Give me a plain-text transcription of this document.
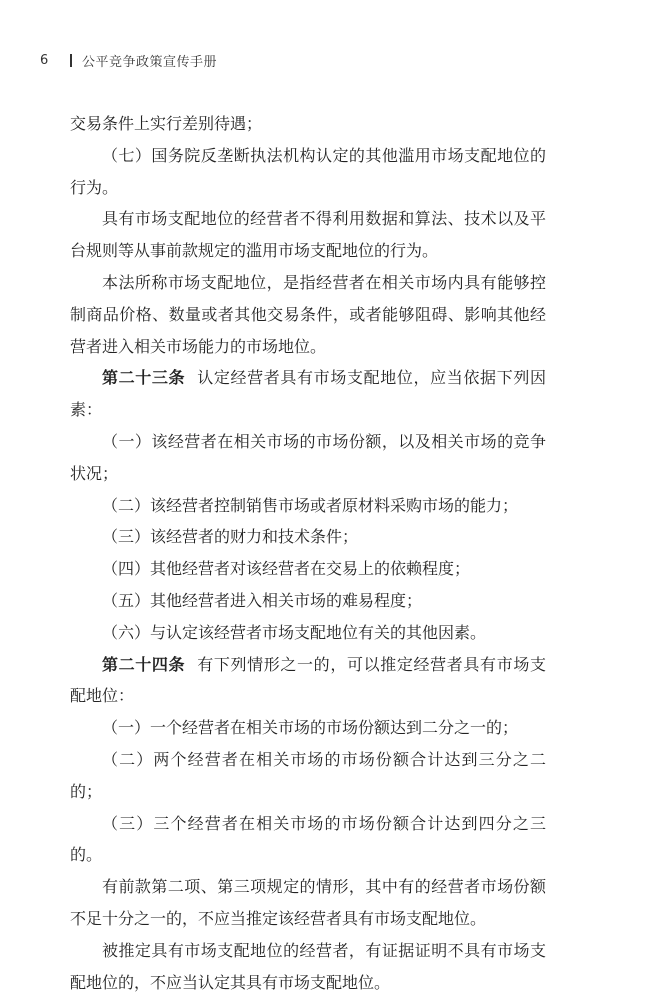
6	公平竞争政策宣传手册

交易条件上实行差别待遇；

（七）国务院反垄断执法机构认定的其他滥用市场支配地位的行为。

具有市场支配地位的经营者不得利用数据和算法、技术以及平台规则等从事前款规定的滥用市场支配地位的行为。

本法所称市场支配地位，是指经营者在相关市场内具有能够控制商品价格、数量或者其他交易条件，或者能够阻碍、影响其他经营者进入相关市场能力的市场地位。

第二十三条 认定经营者具有市场支配地位，应当依据下列因素：

（一）该经营者在相关市场的市场份额，以及相关市场的竞争状况；

（二）该经营者控制销售市场或者原材料采购市场的能力；

（三）该经营者的财力和技术条件；

（四）其他经营者对该经营者在交易上的依赖程度；

（五）其他经营者进入相关市场的难易程度；

（六）与认定该经营者市场支配地位有关的其他因素。

第二十四条 有下列情形之一的，可以推定经营者具有市场支配地位：

（一）一个经营者在相关市场的市场份额达到二分之一的；

（二）两个经营者在相关市场的市场份额合计达到三分之二的；

（三）三个经营者在相关市场的市场份额合计达到四分之三的。

有前款第二项、第三项规定的情形，其中有的经营者市场份额不足十分之一的，不应当推定该经营者具有市场支配地位。

被推定具有市场支配地位的经营者，有证据证明不具有市场支配地位的，不应当认定其具有市场支配地位。
